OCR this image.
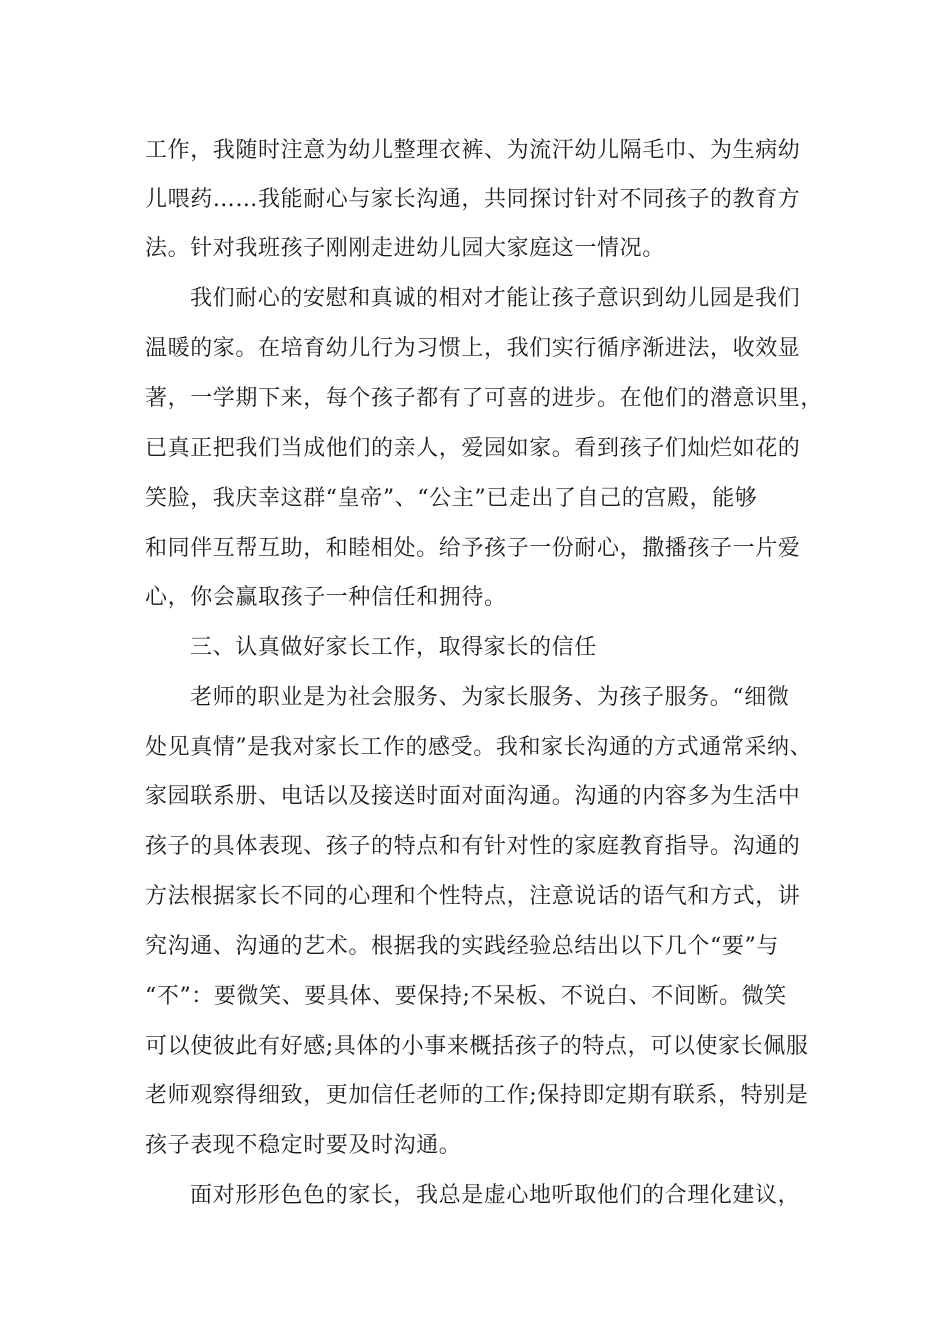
工作，我随时注意为幼儿整理衣裤、为流汗幼儿隔毛巾、为生病幼
儿喂药……我能耐心与家长沟通，共同探讨针对不同孩子的教育方
法。针对我班孩子刚刚走进幼儿园大家庭这一情况。
我们耐心的安慰和真诚的相对才能让孩子意识到幼儿园是我们
温暖的家。在培育幼儿行为习惯上，我们实行循序渐进法，收效显
著，一学期下来，每个孩子都有了可喜的进步。在他们的潜意识里，
已真正把我们当成他们的亲人，爱园如家。看到孩子们灿烂如花的
笑脸，我庆幸这群“皇帝”、“公主”已走出了自己的宫殿，能够
和同伴互帮互助，和睦相处。给予孩子一份耐心，撒播孩子一片爱
心，你会赢取孩子一种信任和拥待。
三、认真做好家长工作，取得家长的信任
老师的职业是为社会服务、为家长服务、为孩子服务。“细微
处见真情”是我对家长工作的感受。我和家长沟通的方式通常采纳、
家园联系册、电话以及接送时面对面沟通。沟通的内容多为生活中
孩子的具体表现、孩子的特点和有针对性的家庭教育指导。沟通的
方法根据家长不同的心理和个性特点，注意说话的语气和方式，讲
究沟通、沟通的艺术。根据我的实践经验总结出以下几个“要”与
“不”：要微笑、要具体、要保持;不呆板、不说白、不间断。微笑
可以使彼此有好感;具体的小事来概括孩子的特点，可以使家长佩服
老师观察得细致，更加信任老师的工作;保持即定期有联系，特别是
孩子表现不稳定时要及时沟通。
面对形形色色的家长，我总是虚心地听取他们的合理化建议，
